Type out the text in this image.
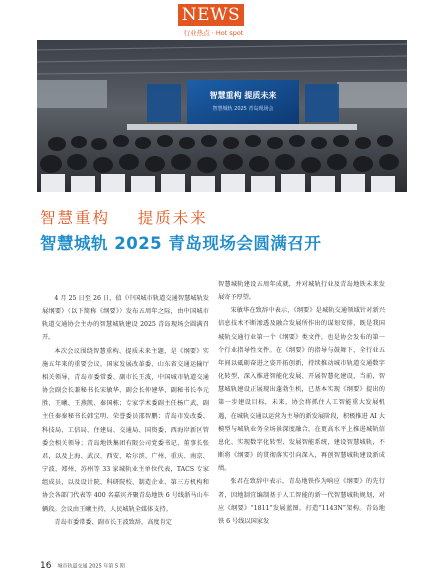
NEWS
行业热点 · Hot spot
智慧重构 提质未来
智慧城轨 2025 青岛现场会
智慧重构    提质未来
智慧城轨 2025 青岛现场会圆满召开

4 月 25 日至 26 日，值《中国城市轨道交通智慧城轨发展纲要》（以下简称《纲要》）发布五周年之际，由中国城市轨道交通协会主办的智慧城轨建设 2025 青岛现场会圆满召开。

本次会议围绕智慧重构、提质未来主题，是《纲要》实施五年来的重要会议。国家发展改革委、山东省交通运输厅相关领导，青岛市委常委、副市长王波，中国城市轨道交通协会副会长兼秘书长宋敏华、副会长仲建华，副秘书长李元胜、王曦、王燕凯、秦国栋；专家学术委副主任杨广武、副主任秦秦秘书长韩宝明、荣誉委员邵智鹏；青岛市发改委、科技局、工信局、住建局、交通局、国资委、西海岸新区管委会相关领导；青岛地铁集团有限公司党委书记、董事长张君，以及上海、武汉、西安、哈尔滨、广州、重庆、南京、宁波、郑州、苏州等 33 家城轨业主单位代表，TACS 专家组成员，以及设计院、科研院校、制造企业、第三方机构和协会各部门代表等 400 名嘉宾齐聚青岛地铁 6 号线浙马山车辆段。会议由王曦主持，人民城轨全媒体支持。

青岛市委常委、副市长王波致辞，高度肯定

智慧城轨建设五周年成就，并对城轨行业及青岛地铁未来发展寄予厚望。

宋敏华在致辞中表示，《纲要》是城轨交通领域针对新兴信息技术不断渗透及融合发展所作出的谋划安排，既是我国城轨交通行业第一个《纲要》类文件，也是协会发布的第一个行业指导性文件。在《纲要》的指导与鼓舞下，全行业五年间以砥砺奋进之姿开拓创新，持续推动城市轨道交通数字化转型，深入推进智能化发展、开展智慧化建设，当前，智慧城轨建设正展现出蓬勃生机，已基本实现《纲要》提出的第一步建设目标，未来，协会将抓住人工智能重大发展机遇，在城轨交通以运营为主导的新发展阶段，积极推进 AI 大模型与城轨业务全场景深度融合，在更高水平上推进城轨信息化、实现数字化转型、发展智能系统，建设智慧城轨，不断将《纲要》的贯彻落实引向深入，再创智慧城轨建设新成绩。

张君在致辞中表示，青岛地铁作为响应《纲要》的先行者，因地制宜编制基于人工智能的新一代智慧城轨规划，对应《纲要》“1811”发展蓝图，打造“1143N”架构。青岛地铁 6 号线以国家发

16 城市轨道交通 2025 年第 5 期
